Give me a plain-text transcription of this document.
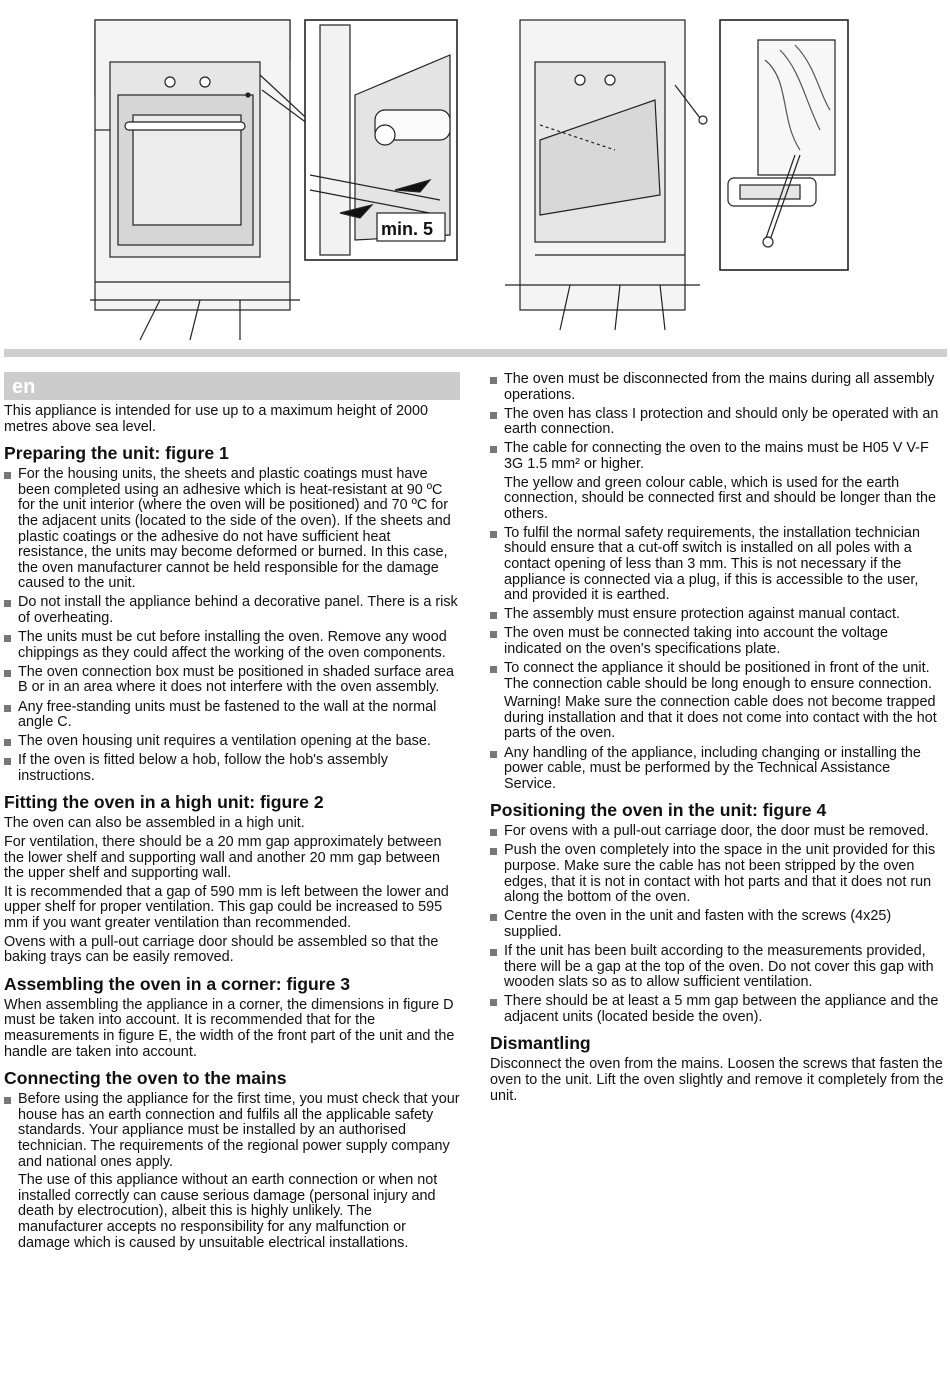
min. 5
en

This appliance is intended for use up to a maximum height of 2000 metres above sea level.

Preparing the unit: figure 1
For the housing units, the sheets and plastic coatings must have been completed using an adhesive which is heat-resistant at 90 ºC for the unit interior (where the oven will be positioned) and 70 ºC for the adjacent units (located to the side of the oven). If the sheets and plastic coatings or the adhesive do not have sufficient heat resistance, the units may become deformed or burned. In this case, the oven manufacturer cannot be held responsible for the damage caused to the unit.
Do not install the appliance behind a decorative panel. There is a risk of overheating.
The units must be cut before installing the oven. Remove any wood chippings as they could affect the working of the oven components.
The oven connection box must be positioned in shaded surface area B or in an area where it does not interfere with the oven assembly.
Any free-standing units must be fastened to the wall at the normal angle C.
The oven housing unit requires a ventilation opening at the base.
If the oven is fitted below a hob, follow the hob's assembly instructions.
Fitting the oven in a high unit: figure 2

The oven can also be assembled in a high unit.

For ventilation, there should be a 20 mm gap approximately between the lower shelf and supporting wall and another 20 mm gap between the upper shelf and supporting wall.

It is recommended that a gap of 590 mm is left between the lower and upper shelf for proper ventilation. This gap could be increased to 595 mm if you want greater ventilation than recommended.

Ovens with a pull-out carriage door should be assembled so that the baking trays can be easily removed.

Assembling the oven in a corner: figure 3

When assembling the appliance in a corner, the dimensions in figure D must be taken into account. It is recommended that for the measurements in figure E, the width of the front part of the unit and the handle are taken into account.

Connecting the oven to the mains
Before using the appliance for the first time, you must check that your house has an earth connection and fulfils all the applicable safety standards. Your appliance must be installed by an authorised technician. The requirements of the regional power supply company and national ones apply.

The use of this appliance without an earth connection or when not installed correctly can cause serious damage (personal injury and death by electrocution), albeit this is highly unlikely. The manufacturer accepts no responsibility for any malfunction or damage which is caused by unsuitable electrical installations.

The oven must be disconnected from the mains during all assembly operations.
The oven has class I protection and should only be operated with an earth connection.
The cable for connecting the oven to the mains must be H05 V V-F 3G 1.5 mm² or higher.

The yellow and green colour cable, which is used for the earth connection, should be connected first and should be longer than the others.

To fulfil the normal safety requirements, the installation technician should ensure that a cut-off switch is installed on all poles with a contact opening of less than 3 mm. This is not necessary if the appliance is connected via a plug, if this is accessible to the user, and provided it is earthed.
The assembly must ensure protection against manual contact.
The oven must be connected taking into account the voltage indicated on the oven's specifications plate.
To connect the appliance it should be positioned in front of the unit. The connection cable should be long enough to ensure connection.

Warning! Make sure the connection cable does not become trapped during installation and that it does not come into contact with the hot parts of the oven.

Any handling of the appliance, including changing or installing the power cable, must be performed by the Technical Assistance Service.
Positioning the oven in the unit: figure 4
For ovens with a pull-out carriage door, the door must be removed.
Push the oven completely into the space in the unit provided for this purpose. Make sure the cable has not been stripped by the oven edges, that it is not in contact with hot parts and that it does not run along the bottom of the oven.
Centre the oven in the unit and fasten with the screws (4x25) supplied.
If the unit has been built according to the measurements provided, there will be a gap at the top of the oven. Do not cover this gap with wooden slats so as to allow sufficient ventilation.
There should be at least a 5 mm gap between the appliance and the adjacent units (located beside the oven).
Dismantling

Disconnect the oven from the mains. Loosen the screws that fasten the oven to the unit. Lift the oven slightly and remove it completely from the unit.
